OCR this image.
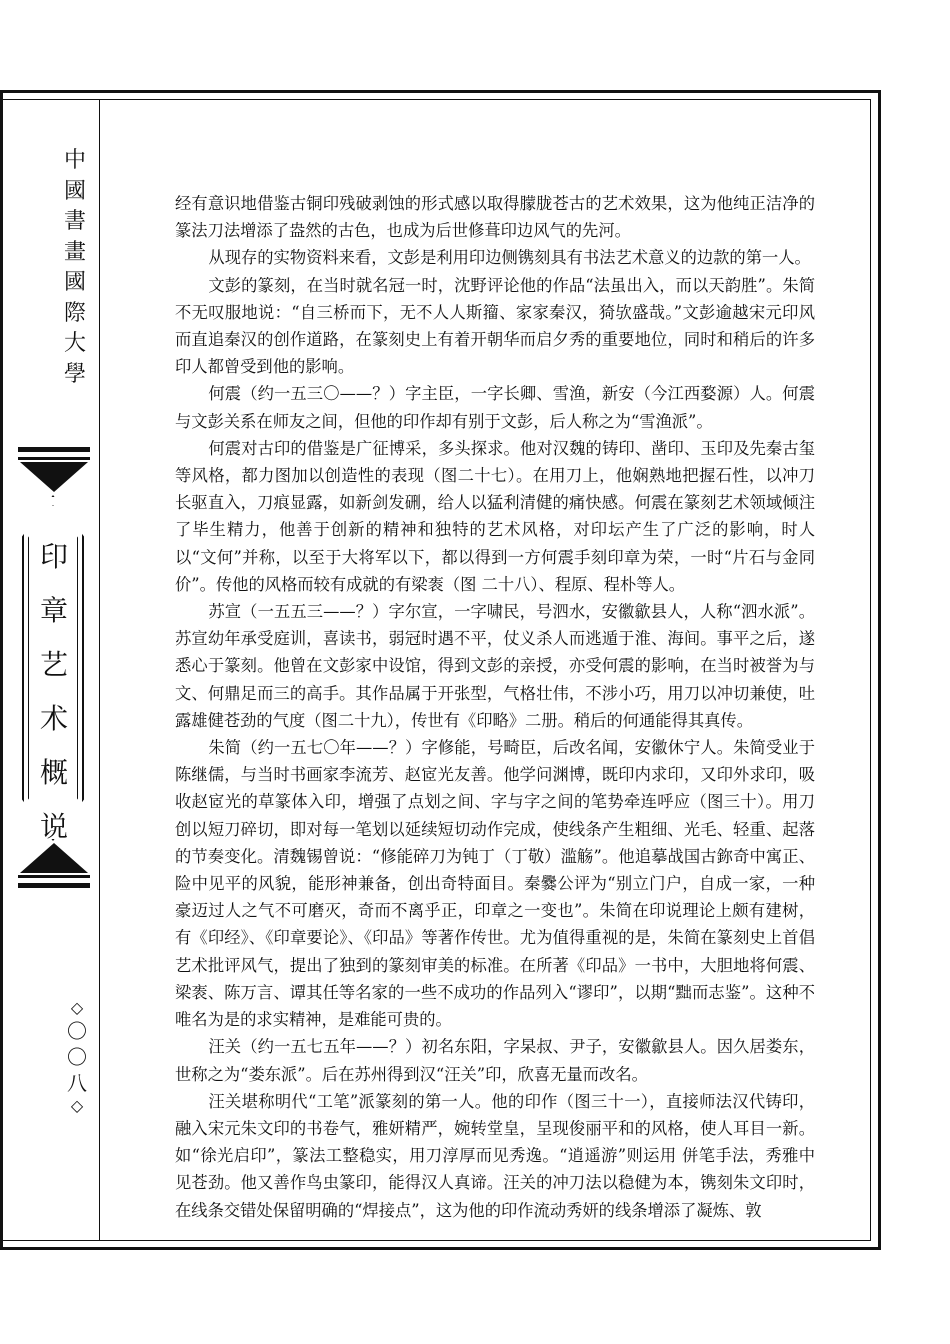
中
國
書
畫
國
際
大
學
印
章
艺
术
概
说
◇
〇
〇
八
◇

经有意识地借鉴古铜印残破剥蚀的形式感以取得朦胧苍古的艺术效果，这为他纯正洁净的篆法刀法增添了盎然的古色，也成为后世修葺印边风气的先河。

从现存的实物资料来看，文彭是利用印边侧镌刻具有书法艺术意义的边款的第一人。

文彭的篆刻，在当时就名冠一时，沈野评论他的作品“法虽出入，而以天韵胜”。朱简不无叹服地说：“自三桥而下，无不人人斯籀、家家秦汉，猗欤盛哉。”文彭逾越宋元印风而直追秦汉的创作道路，在篆刻史上有着开朝华而启夕秀的重要地位，同时和稍后的许多印人都曾受到他的影响。

何震（约一五三〇——？）字主臣，一字长卿、雪渔，新安（今江西婺源）人。何震与文彭关系在师友之间，但他的印作却有别于文彭，后人称之为“雪渔派”。

何震对古印的借鉴是广征博采，多头探求。他对汉魏的铸印、凿印、玉印及先秦古玺等风格，都力图加以创造性的表现（图二十七）。在用刀上，他娴熟地把握石性，以冲刀长驱直入，刀痕显露，如新剑发硎，给人以猛利清健的痛快感。何震在篆刻艺术领域倾注了毕生精力，他善于创新的精神和独特的艺术风格，对印坛产生了广泛的影响，时人以“文何”并称，以至于大将军以下，都以得到一方何震手刻印章为荣，一时“片石与金同价”。传他的风格而较有成就的有梁袠（图 二十八）、程原、程朴等人。

苏宣（一五五三——？）字尔宣，一字啸民，号泗水，安徽歙县人，人称“泗水派”。苏宣幼年承受庭训，喜读书，弱冠时遇不平，仗义杀人而逃遁于淮、海间。事平之后，遂悉心于篆刻。他曾在文彭家中设馆，得到文彭的亲授，亦受何震的影响，在当时被誉为与文、何鼎足而三的高手。其作品属于开张型，气格壮伟，不涉小巧，用刀以冲切兼使，吐露雄健苍劲的气度（图二十九），传世有《印略》二册。稍后的何通能得其真传。

朱简（约一五七〇年——？）字修能，号畸臣，后改名闻，安徽休宁人。朱简受业于陈继儒，与当时书画家李流芳、赵宧光友善。他学问渊博，既印内求印，又印外求印，吸收赵宧光的草篆体入印，增强了点划之间、字与字之间的笔势牵连呼应（图三十）。用刀创以短刀碎切，即对每一笔划以延续短切动作完成，使线条产生粗细、光毛、轻重、起落的节奏变化。清魏锡曾说：“修能碎刀为钝丁（丁敬）滥觞”。他追摹战国古鉨奇中寓正、险中见平的风貌，能形神兼备，创出奇特面目。秦爨公评为“别立门户，自成一家，一种豪迈过人之气不可磨灭，奇而不离乎正，印章之一变也”。朱简在印说理论上颇有建树，有《印经》、《印章要论》、《印品》等著作传世。尤为值得重视的是，朱简在篆刻史上首倡艺术批评风气，提出了独到的篆刻审美的标准。在所著《印品》一书中，大胆地将何震、梁袠、陈万言、谭其任等名家的一些不成功的作品列入“谬印”，以期“黜而志鉴”。这种不唯名为是的求实精神，是难能可贵的。

汪关（约一五七五年——？）初名东阳，字杲叔、尹子，安徽歙县人。因久居娄东，世称之为“娄东派”。后在苏州得到汉“汪关”印，欣喜无量而改名。

汪关堪称明代“工笔”派篆刻的第一人。他的印作（图三十一），直接师法汉代铸印，融入宋元朱文印的书卷气，雅妍精严，婉转堂皇，呈现俊丽平和的风格，使人耳目一新。如“徐光启印”，篆法工整稳实，用刀淳厚而见秀逸。“逍遥游”则运用 併笔手法，秀雅中见苍劲。他又善作鸟虫篆印，能得汉人真谛。汪关的冲刀法以稳健为本，镌刻朱文印时，在线条交错处保留明确的“焊接点”，这为他的印作流动秀妍的线条增添了凝炼、敦
